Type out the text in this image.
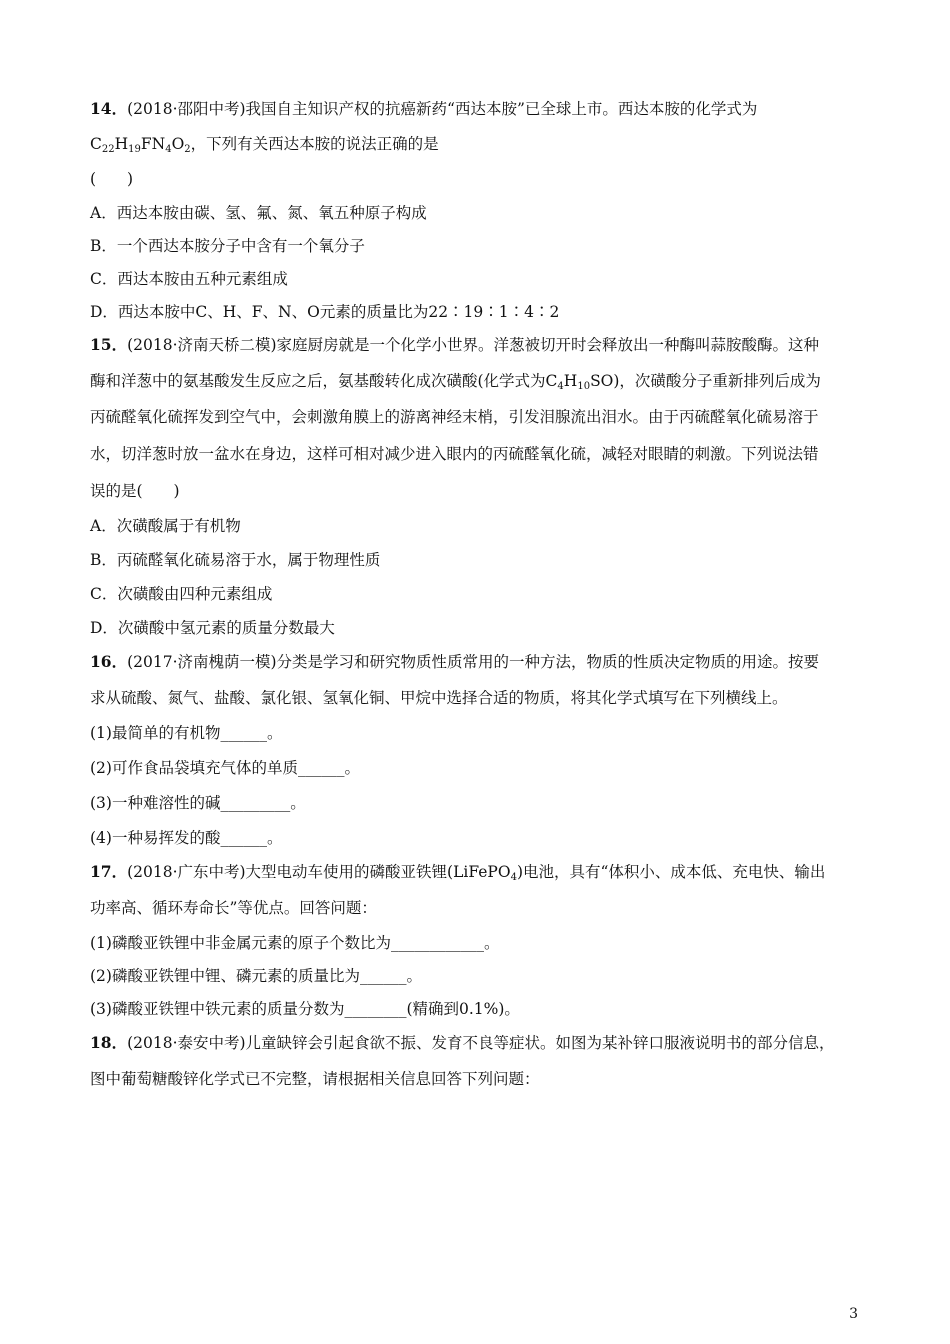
14．(2018·邵阳中考)我国自主知识产权的抗癌新药“西达本胺”已全球上市。西达本胺的化学式为
$C_{22}H_{19}FN_4O_2$，下列有关西达本胺的说法正确的是
(　　)
A．西达本胺由碳、氢、氟、氮、氧五种原子构成
B．一个西达本胺分子中含有一个氧分子
C．西达本胺由五种元素组成
D．西达本胺中C、H、F、N、O元素的质量比为22∶19∶1∶4∶2
15．(2018·济南天桥二模)家庭厨房就是一个化学小世界。洋葱被切开时会释放出一种酶叫蒜胺酸酶。这种
酶和洋葱中的氨基酸发生反应之后，氨基酸转化成次磺酸(化学式为$C_4H_{10}SO$)，次磺酸分子重新排列后成为
丙硫醛氧化硫挥发到空气中，会刺激角膜上的游离神经末梢，引发泪腺流出泪水。由于丙硫醛氧化硫易溶于
水，切洋葱时放一盆水在身边，这样可相对减少进入眼内的丙硫醛氧化硫，减轻对眼睛的刺激。下列说法错
误的是(　　)
A．次磺酸属于有机物
B．丙硫醛氧化硫易溶于水，属于物理性质
C．次磺酸由四种元素组成
D．次磺酸中氢元素的质量分数最大
16．(2017·济南槐荫一模)分类是学习和研究物质性质常用的一种方法，物质的性质决定物质的用途。按要
求从硫酸、氮气、盐酸、氯化银、氢氧化铜、甲烷中选择合适的物质，将其化学式填写在下列横线上。
(1)最简单的有机物______。
(2)可作食品袋填充气体的单质______。
(3)一种难溶性的碱_________。
(4)一种易挥发的酸______。
17．(2018·广东中考)大型电动车使用的磷酸亚铁锂(LiFePO$_4$)电池，具有“体积小、成本低、充电快、输出
功率高、循环寿命长”等优点。回答问题：
(1)磷酸亚铁锂中非金属元素的原子个数比为____________。
(2)磷酸亚铁锂中锂、磷元素的质量比为______。
(3)磷酸亚铁锂中铁元素的质量分数为________(精确到0.1%)。
18．(2018·泰安中考)儿童缺锌会引起食欲不振、发育不良等症状。如图为某补锌口服液说明书的部分信息，
图中葡萄糖酸锌化学式已不完整，请根据相关信息回答下列问题：
3
